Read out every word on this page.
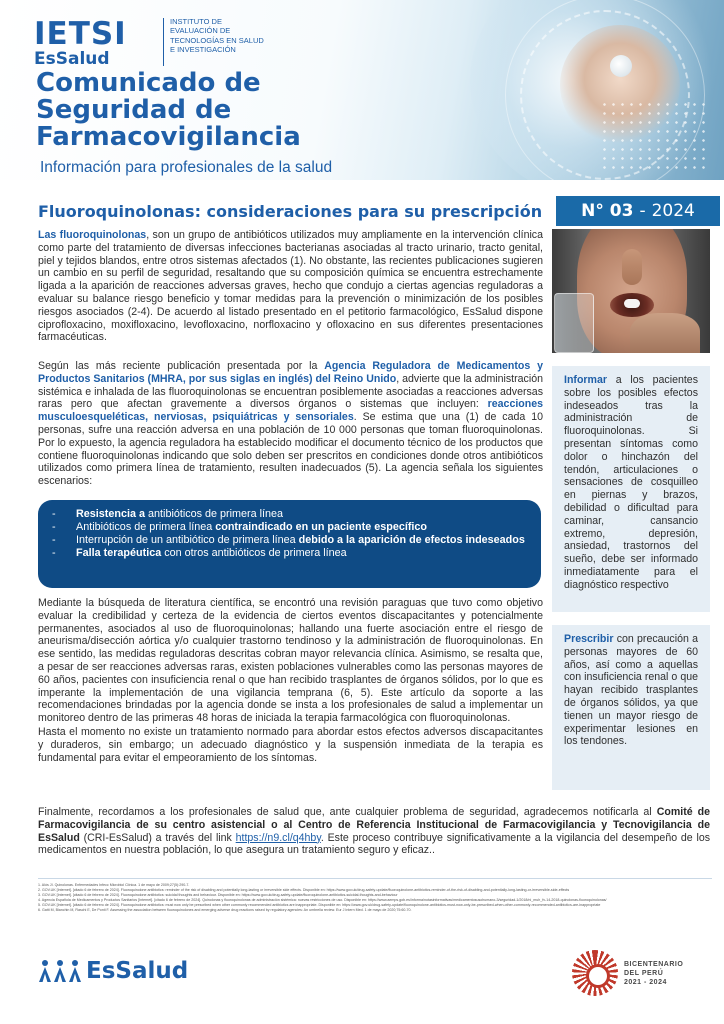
IETSI
EsSalud
INSTITUTO DE EVALUACIÓN DE TECNOLOGÍAS EN SALUD E INVESTIGACIÓN
Comunicado de Seguridad de Farmacovigilancia
Información para profesionales de la salud
Fluoroquinolonas: consideraciones para su prescripción N° 03 - 2024
Las fluoroquinolonas, son un grupo de antibióticos utilizados muy ampliamente en la intervención clínica como parte del tratamiento de diversas infecciones bacterianas asociadas al tracto urinario, tracto genital, piel y tejidos blandos, entre otros sistemas afectados (1). No obstante, las recientes publicaciones sugieren un cambio en su perfil de seguridad, resaltando que su composición química se encuentra estrechamente ligada a la aparición de reacciones adversas graves, hecho que condujo a ciertas agencias reguladoras a evaluar su balance riesgo beneficio y tomar medidas para la prevención o minimización de los posibles riesgos asociados (2-4). De acuerdo al listado presentado en el petitorio farmacológico, EsSalud dispone ciprofloxacino, moxifloxacino, levofloxacino, norfloxacino y ofloxacino en sus diferentes presentaciones farmacéuticas.
Según las más reciente publicación presentada por la Agencia Reguladora de Medicamentos y Productos Sanitarios (MHRA, por sus siglas en inglés) del Reino Unido, advierte que la administración sistémica e inhalada de las fluoroquinolonas se encuentran posiblemente asociadas a reacciones adversas raras pero que afectan gravemente a diversos órganos o sistemas que incluyen: reacciones musculoesqueléticas, nerviosas, psiquiátricas y sensoriales. Se estima que una (1) de cada 10 personas, sufre una reacción adversa en una población de 10 000 personas que toman fluoroquinolonas. Por lo expuesto, la agencia reguladora ha establecido modificar el documento técnico de los productos que contiene fluoroquinolonas indicando que solo deben ser prescritos en condiciones donde otros antibióticos utilizados como primera línea de tratamiento, resulten inadecuados (5). La agencia señala los siguientes escenarios:
-	Resistencia a antibióticos de primera línea
-	Antibióticos de primera línea contraindicado en un paciente específico
-	Interrupción de un antibiótico de primera línea debido a la aparición de efectos indeseados
-	Falla terapéutica con otros antibióticos de primera línea
Mediante la búsqueda de literatura científica, se encontró una revisión paraguas que tuvo como objetivo evaluar la credibilidad y certeza de la evidencia de ciertos eventos discapacitantes y potencialmente permanentes, asociados al uso de fluoroquinolonas; hallando una fuerte asociación entre el riesgo de aneurisma/disección aórtica y/o cualquier trastorno tendinoso y la administración de fluoroquinolonas. En ese sentido, las medidas reguladoras descritas cobran mayor relevancia clínica. Asimismo, se resalta que, a pesar de ser reacciones adversas raras, existen poblaciones vulnerables como las personas mayores de 60 años, pacientes con insuficiencia renal o que han recibido trasplantes de órganos sólidos, por lo que es imperante la implementación de una vigilancia temprana (6, 5). Este artículo da soporte a las recomendaciones brindadas por la agencia donde se insta a los profesionales de salud a implementar un monitoreo dentro de las primeras 48 horas de iniciada la terapia farmacológica con fluoroquinolonas.
Hasta el momento no existe un tratamiento normado para abordar estos efectos adversos discapacitantes y duraderos, sin embargo; un adecuado diagnóstico y la suspensión inmediata de la terapia es fundamental para evitar el empeoramiento de los síntomas.
Finalmente, recordamos a los profesionales de salud que, ante cualquier problema de seguridad, agradecemos notificarla al Comité de Farmacovigilancia de su centro asistencial o al Centro de Referencia Institucional de Farmacovigilancia y Tecnovigilancia de EsSalud (CRI-EsSalud) a través del link https://n9.cl/q4hby. Este proceso contribuye significativamente a la vigilancia del desempeño de los medicamentos en nuestra población, lo que asegura un tratamiento seguro y eficaz..
Informar a los pacientes sobre los posibles efectos indeseados tras la administración de fluoroquinolonas. Si presentan síntomas como dolor o hinchazón del tendón, articulaciones o sensaciones de cosquilleo en piernas y brazos, debilidad o dificultad para caminar, cansancio extremo, depresión, ansiedad, trastornos del sueño, debe ser informado inmediatamente para el diagnóstico respectivo
Prescribir con precaución a personas mayores de 60 años, así como a aquellas con insuficiencia renal o que hayan recibido trasplantes de órganos sólidos, ya que tienen un mayor riesgo de experimentar lesiones en los tendones.
1. Alós JI. Quinolonas. Enfermedades Infecc Microbiol Clínica. 1 de mayo de 2009;27(5):290-7.
2. GOV.UK [Internet]. [citado 6 de febrero de 2024]. Fluoroquinolone antibiotics: reminder of the risk of disabling and potentially long-lasting or irreversible side effects. Disponible en: https://www.gov.uk/drug-safety-update/fluoroquinolone-antibiotics-reminder-of-the-risk-of-disabling-and-potentially-long-lasting-or-irreversible-side-effects
3. GOV.UK [Internet]. [citado 6 de febrero de 2024]. Fluoroquinolone antibiotics: suicidal thoughts and behaviour. Disponible en: https://www.gov.uk/drug-safety-update/fluoroquinolone-antibiotics-suicidal-thoughts-and-behaviour
4. Agencia Española de Medicamentos y Productos Sanitarios [Internet]. [citado 6 de febrero de 2024]. Quinolonas y fluoroquinolonas de administración sistémica: nuevas restricciones de uso. Disponible en: https://www.aemps.gob.es/informa/notasinformativas/medicamentosusohumano-3/seguridad-1/2018/ni_muh_fv-14-2018-quinolonas-fluoroquinolonas/
5. GOV.UK [Internet]. [citado 6 de febrero de 2024]. Fluoroquinolone antibiotics: must now only be prescribed when other commonly recommended antibiotics are inappropriate. Disponible en: https://www.gov.uk/drug-safety-update/fluoroquinolone-antibiotics-must-now-only-be-prescribed-when-other-commonly-recommended-antibiotics-are-inappropriate
6. Gatti M, Bianchin M, Raschi E, De Ponti F. Assessing the association between fluoroquinolones and emerging adverse drug reactions raised by regulatory agencies: An umbrella review. Eur J Intern Med. 1 de mayo de 2020;75:60-70.
EsSalud	BICENTENARIO
DEL PERÚ
2021 - 2024
